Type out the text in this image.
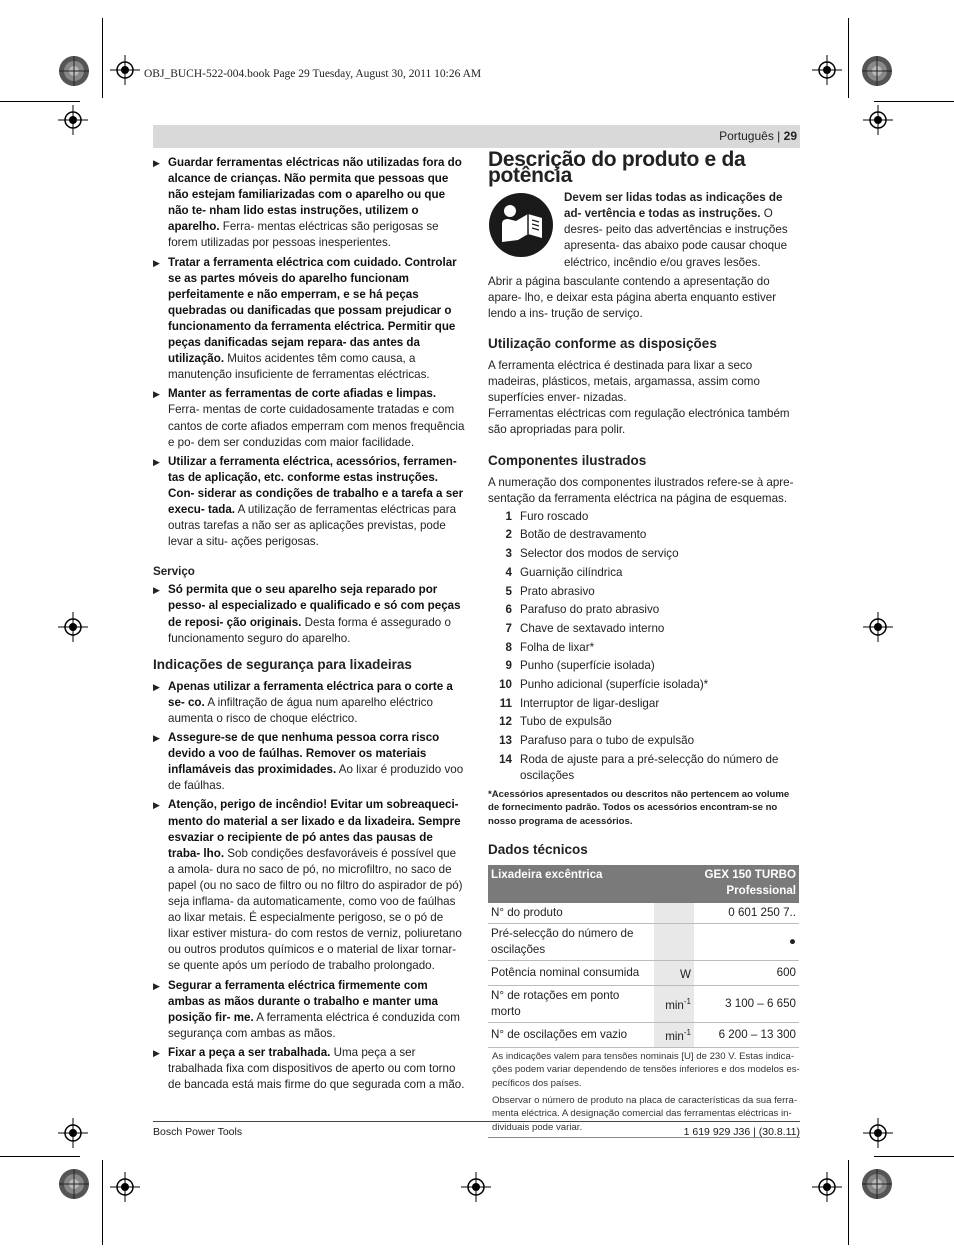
OBJ_BUCH-522-004.book Page 29 Tuesday, August 30, 2011 10:26 AM
Português | 29
▶ Guardar ferramentas eléctricas não utilizadas fora do alcance de crianças. Não permita que pessoas que não estejam familiarizadas com o aparelho ou que não te- nham lido estas instruções, utilizem o aparelho. Ferra- mentas eléctricas são perigosas se forem utilizadas por pessoas inesperientes.
▶ Tratar a ferramenta eléctrica com cuidado. Controlar se as partes móveis do aparelho funcionam perfeitamente e não emperram, e se há peças quebradas ou danificadas que possam prejudicar o funcionamento da ferramenta eléctrica. Permitir que peças danificadas sejam repara- das antes da utilização. Muitos acidentes têm como causa, a manutenção insuficiente de ferramentas eléctricas.
▶ Manter as ferramentas de corte afiadas e limpas. Ferra- mentas de corte cuidadosamente tratadas e com cantos de corte afiados emperram com menos frequência e po- dem ser conduzidas com maior facilidade.
▶ Utilizar a ferramenta eléctrica, acessórios, ferramen- tas de aplicação, etc. conforme estas instruções. Con- siderar as condições de trabalho e a tarefa a ser execu- tada. A utilização de ferramentas eléctricas para outras tarefas a não ser as aplicações previstas, pode levar a situ- ações perigosas.
Serviço
▶ Só permita que o seu aparelho seja reparado por pesso- al especializado e qualificado e só com peças de reposi- ção originais. Desta forma é assegurado o funcionamento seguro do aparelho.
Indicações de segurança para lixadeiras
▶ Apenas utilizar a ferramenta eléctrica para o corte a se- co. A infiltração de água num aparelho eléctrico aumenta o risco de choque eléctrico.
▶ Assegure-se de que nenhuma pessoa corra risco devido a voo de faúlhas. Remover os materiais inflamáveis das proximidades. Ao lixar é produzido voo de faúlhas.
▶ Atenção, perigo de incêndio! Evitar um sobreaqueci- mento do material a ser lixado e da lixadeira. Sempre esvaziar o recipiente de pó antes das pausas de traba- lho. Sob condições desfavoráveis é possível que a amola- dura no saco de pó, no microfiltro, no saco de papel (ou no saco de filtro ou no filtro do aspirador de pó) seja inflama- da automaticamente, como voo de faúlhas ao lixar metais. É especialmente perigoso, se o pó de lixar estiver mistura- do com restos de verniz, poliuretano ou outros produtos químicos e o material de lixar tornar-se quente após um período de trabalho prolongado.
▶ Segurar a ferramenta eléctrica firmemente com ambas as mãos durante o trabalho e manter uma posição fir- me. A ferramenta eléctrica é conduzida com segurança com ambas as mãos.
▶ Fixar a peça a ser trabalhada. Uma peça a ser trabalhada fixa com dispositivos de aperto ou com torno de bancada está mais firme do que segurada com a mão.
Descrição do produto e da potência
Devem ser lidas todas as indicações de ad- vertência e todas as instruções. O desres- peito das advertências e instruções apresenta- das abaixo pode causar choque eléctrico, incêndio e/ou graves lesões.
Abrir a página basculante contendo a apresentação do apare- lho, e deixar esta página aberta enquanto estiver lendo a ins- trução de serviço.
Utilização conforme as disposições
A ferramenta eléctrica é destinada para lixar a seco madeiras, plásticos, metais, argamassa, assim como superfícies enver- nizadas.
Ferramentas eléctricas com regulação electrónica também são apropriadas para polir.
Componentes ilustrados
A numeração dos componentes ilustrados refere-se à apre- sentação da ferramenta eléctrica na página de esquemas.
1 Furo roscado
2 Botão de destravamento
3 Selector dos modos de serviço
4 Guarnição cilíndrica
5 Prato abrasivo
6 Parafuso do prato abrasivo
7 Chave de sextavado interno
8 Folha de lixar*
9 Punho (superfície isolada)
10 Punho adicional (superfície isolada)*
11 Interruptor de ligar-desligar
12 Tubo de expulsão
13 Parafuso para o tubo de expulsão
14 Roda de ajuste para a pré-selecção do número de oscilações
*Acessórios apresentados ou descritos não pertencem ao volume de fornecimento padrão. Todos os acessórios encontram-se no nosso programa de acessórios.
Dados técnicos
Lixadeira excêntrica		GEX 150 TURBO
Professional

N° do produto		0 601 250 7..
Pré-selecção do número de oscilações		●
Potência nominal consumida	W	600
N° de rotações em ponto morto	$\min^{-1}$	3 100 – 6 650
N° de oscilações em vazio	$\min^{-1}$	6 200 – 13 300
As indicações valem para tensões nominais [U] de 230 V. Estas indica- ções podem variar dependendo de tensões inferiores e dos modelos es- pecíficos dos países.
Observar o número de produto na placa de características da sua ferra- menta eléctrica. A designação comercial das ferramentas eléctricas in- dividuais pode variar.
Bosch Power Tools	1 619 929 J36 | (30.8.11)
